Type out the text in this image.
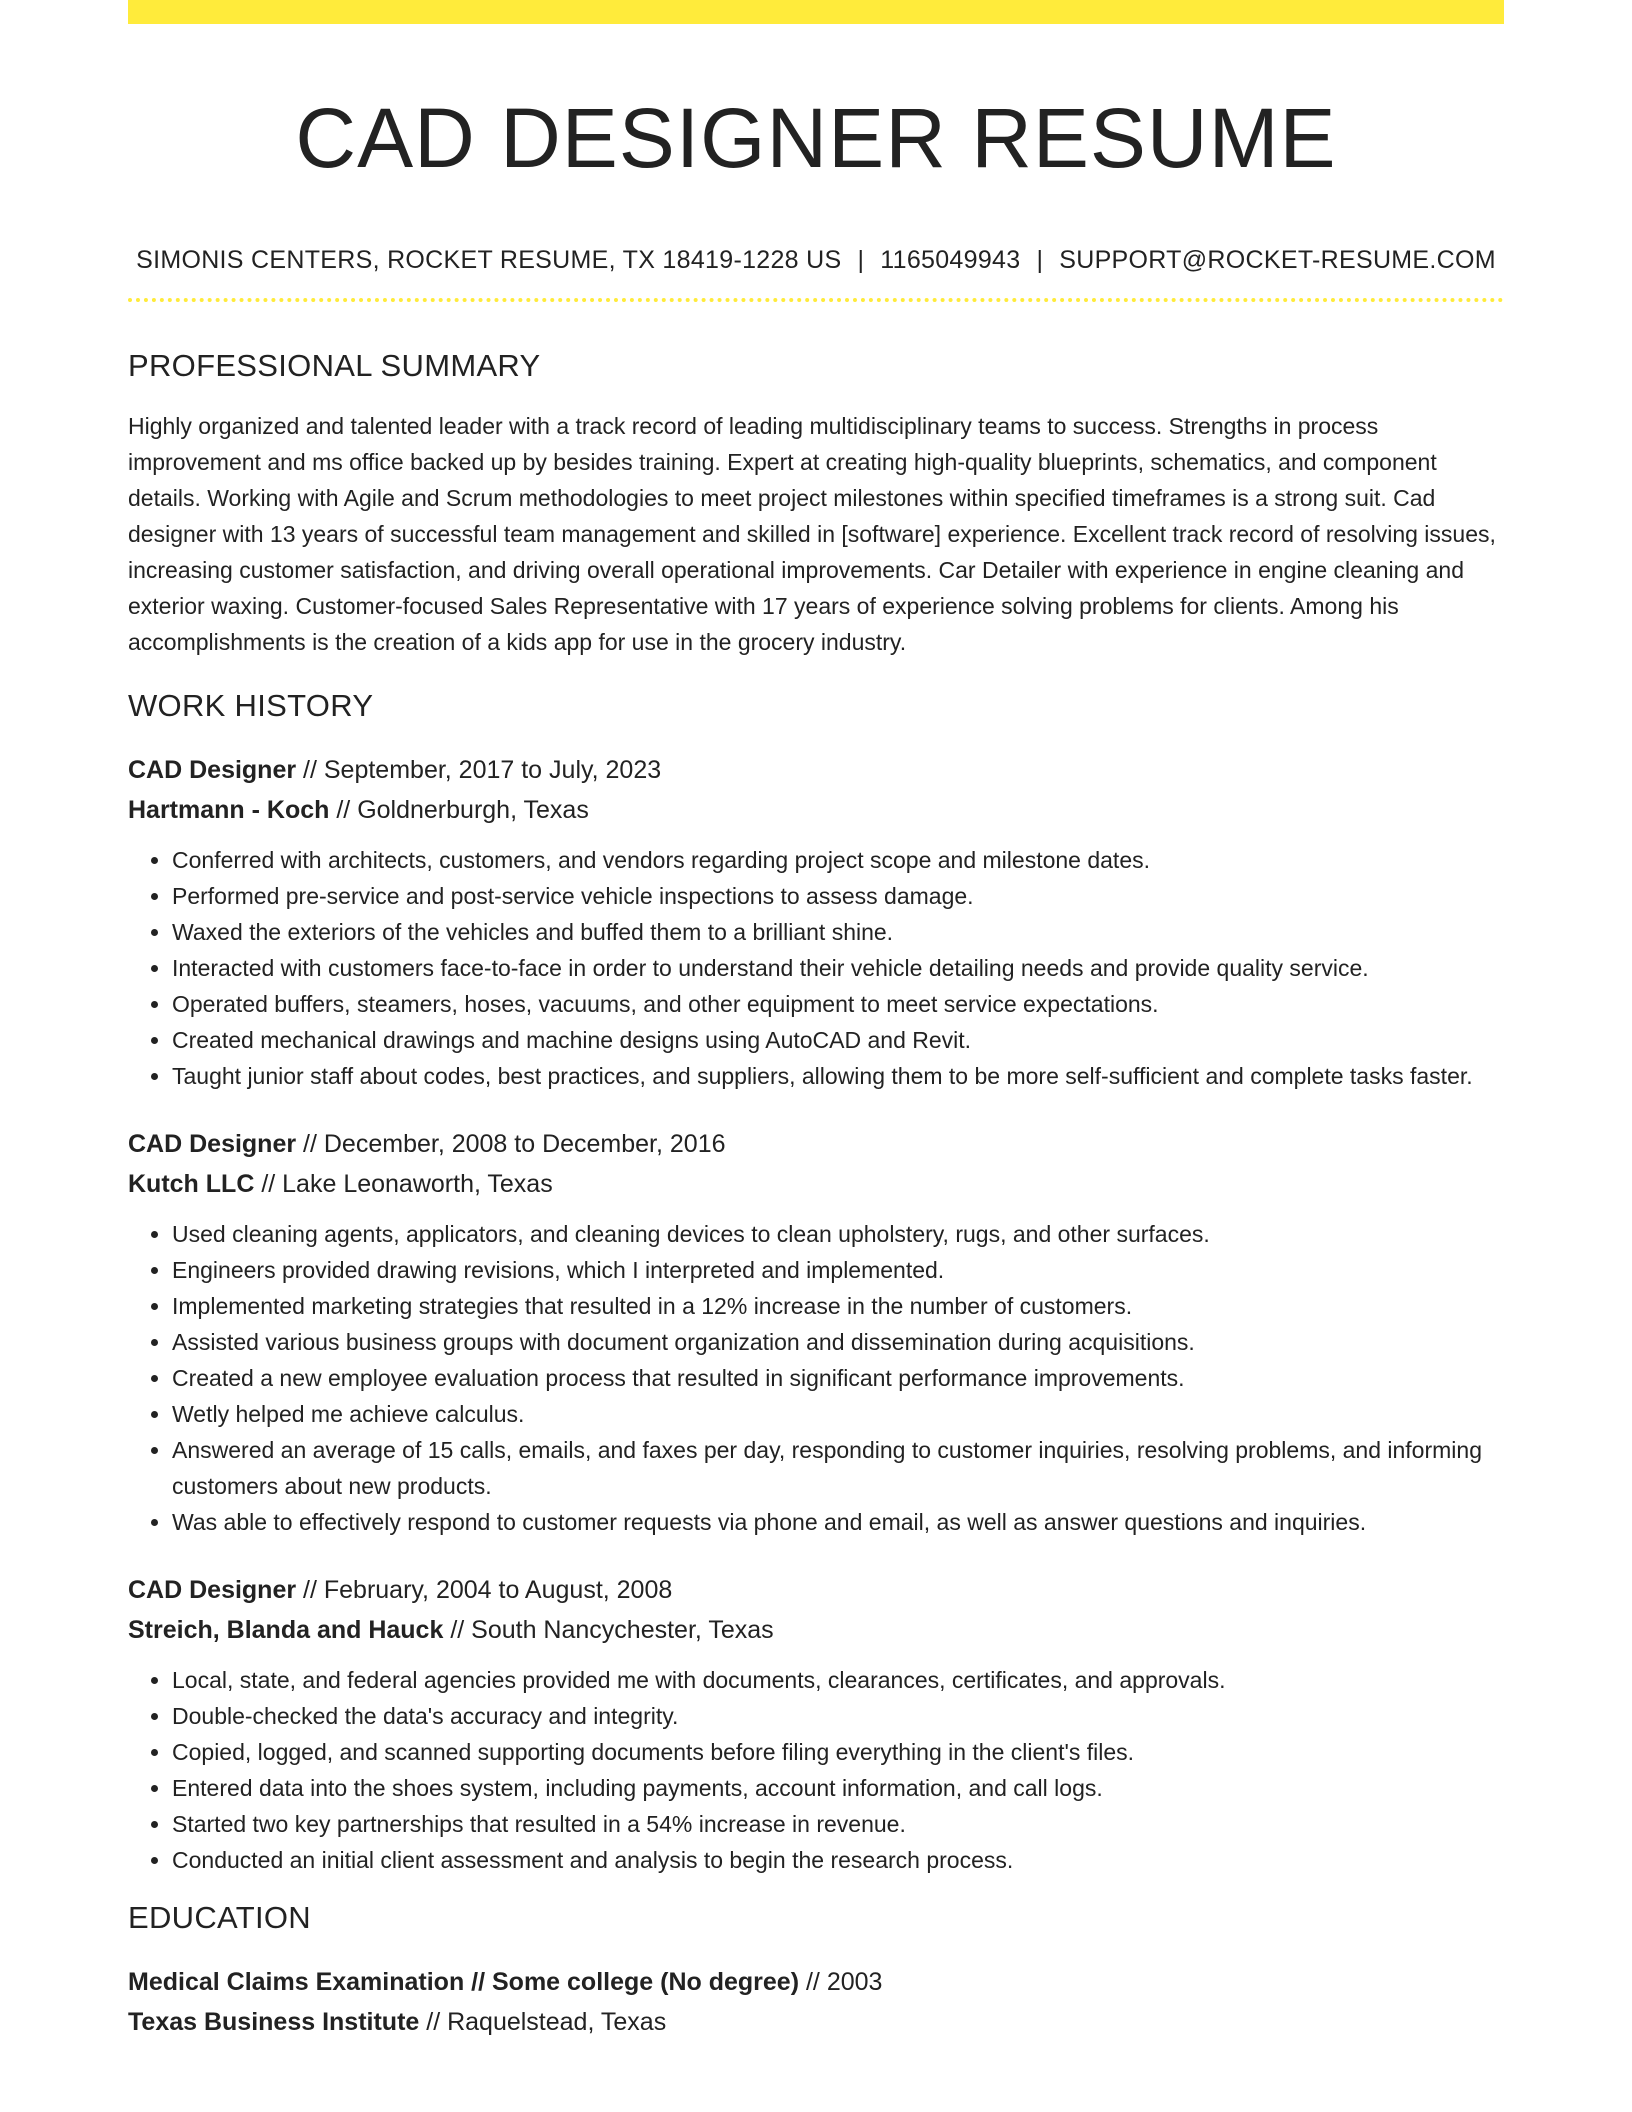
CAD DESIGNER RESUME
SIMONIS CENTERS, ROCKET RESUME, TX 18419-1228 US | 1165049943 | SUPPORT@ROCKET-RESUME.COM
PROFESSIONAL SUMMARY
Highly organized and talented leader with a track record of leading multidisciplinary teams to success. Strengths in process improvement and ms office backed up by besides training. Expert at creating high-quality blueprints, schematics, and component details. Working with Agile and Scrum methodologies to meet project milestones within specified timeframes is a strong suit. Cad designer with 13 years of successful team management and skilled in [software] experience. Excellent track record of resolving issues, increasing customer satisfaction, and driving overall operational improvements. Car Detailer with experience in engine cleaning and exterior waxing. Customer-focused Sales Representative with 17 years of experience solving problems for clients. Among his accomplishments is the creation of a kids app for use in the grocery industry.
WORK HISTORY
CAD Designer // September, 2017 to July, 2023
Hartmann - Koch // Goldnerburgh, Texas
• Conferred with architects, customers, and vendors regarding project scope and milestone dates.
• Performed pre-service and post-service vehicle inspections to assess damage.
• Waxed the exteriors of the vehicles and buffed them to a brilliant shine.
• Interacted with customers face-to-face in order to understand their vehicle detailing needs and provide quality service.
• Operated buffers, steamers, hoses, vacuums, and other equipment to meet service expectations.
• Created mechanical drawings and machine designs using AutoCAD and Revit.
• Taught junior staff about codes, best practices, and suppliers, allowing them to be more self-sufficient and complete tasks faster.
CAD Designer // December, 2008 to December, 2016
Kutch LLC // Lake Leonaworth, Texas
• Used cleaning agents, applicators, and cleaning devices to clean upholstery, rugs, and other surfaces.
• Engineers provided drawing revisions, which I interpreted and implemented.
• Implemented marketing strategies that resulted in a 12% increase in the number of customers.
• Assisted various business groups with document organization and dissemination during acquisitions.
• Created a new employee evaluation process that resulted in significant performance improvements.
• Wetly helped me achieve calculus.
• Answered an average of 15 calls, emails, and faxes per day, responding to customer inquiries, resolving problems, and informing customers about new products.
• Was able to effectively respond to customer requests via phone and email, as well as answer questions and inquiries.
CAD Designer // February, 2004 to August, 2008
Streich, Blanda and Hauck // South Nancychester, Texas
• Local, state, and federal agencies provided me with documents, clearances, certificates, and approvals.
• Double-checked the data's accuracy and integrity.
• Copied, logged, and scanned supporting documents before filing everything in the client's files.
• Entered data into the shoes system, including payments, account information, and call logs.
• Started two key partnerships that resulted in a 54% increase in revenue.
• Conducted an initial client assessment and analysis to begin the research process.
EDUCATION
Medical Claims Examination // Some college (No degree) // 2003
Texas Business Institute // Raquelstead, Texas
